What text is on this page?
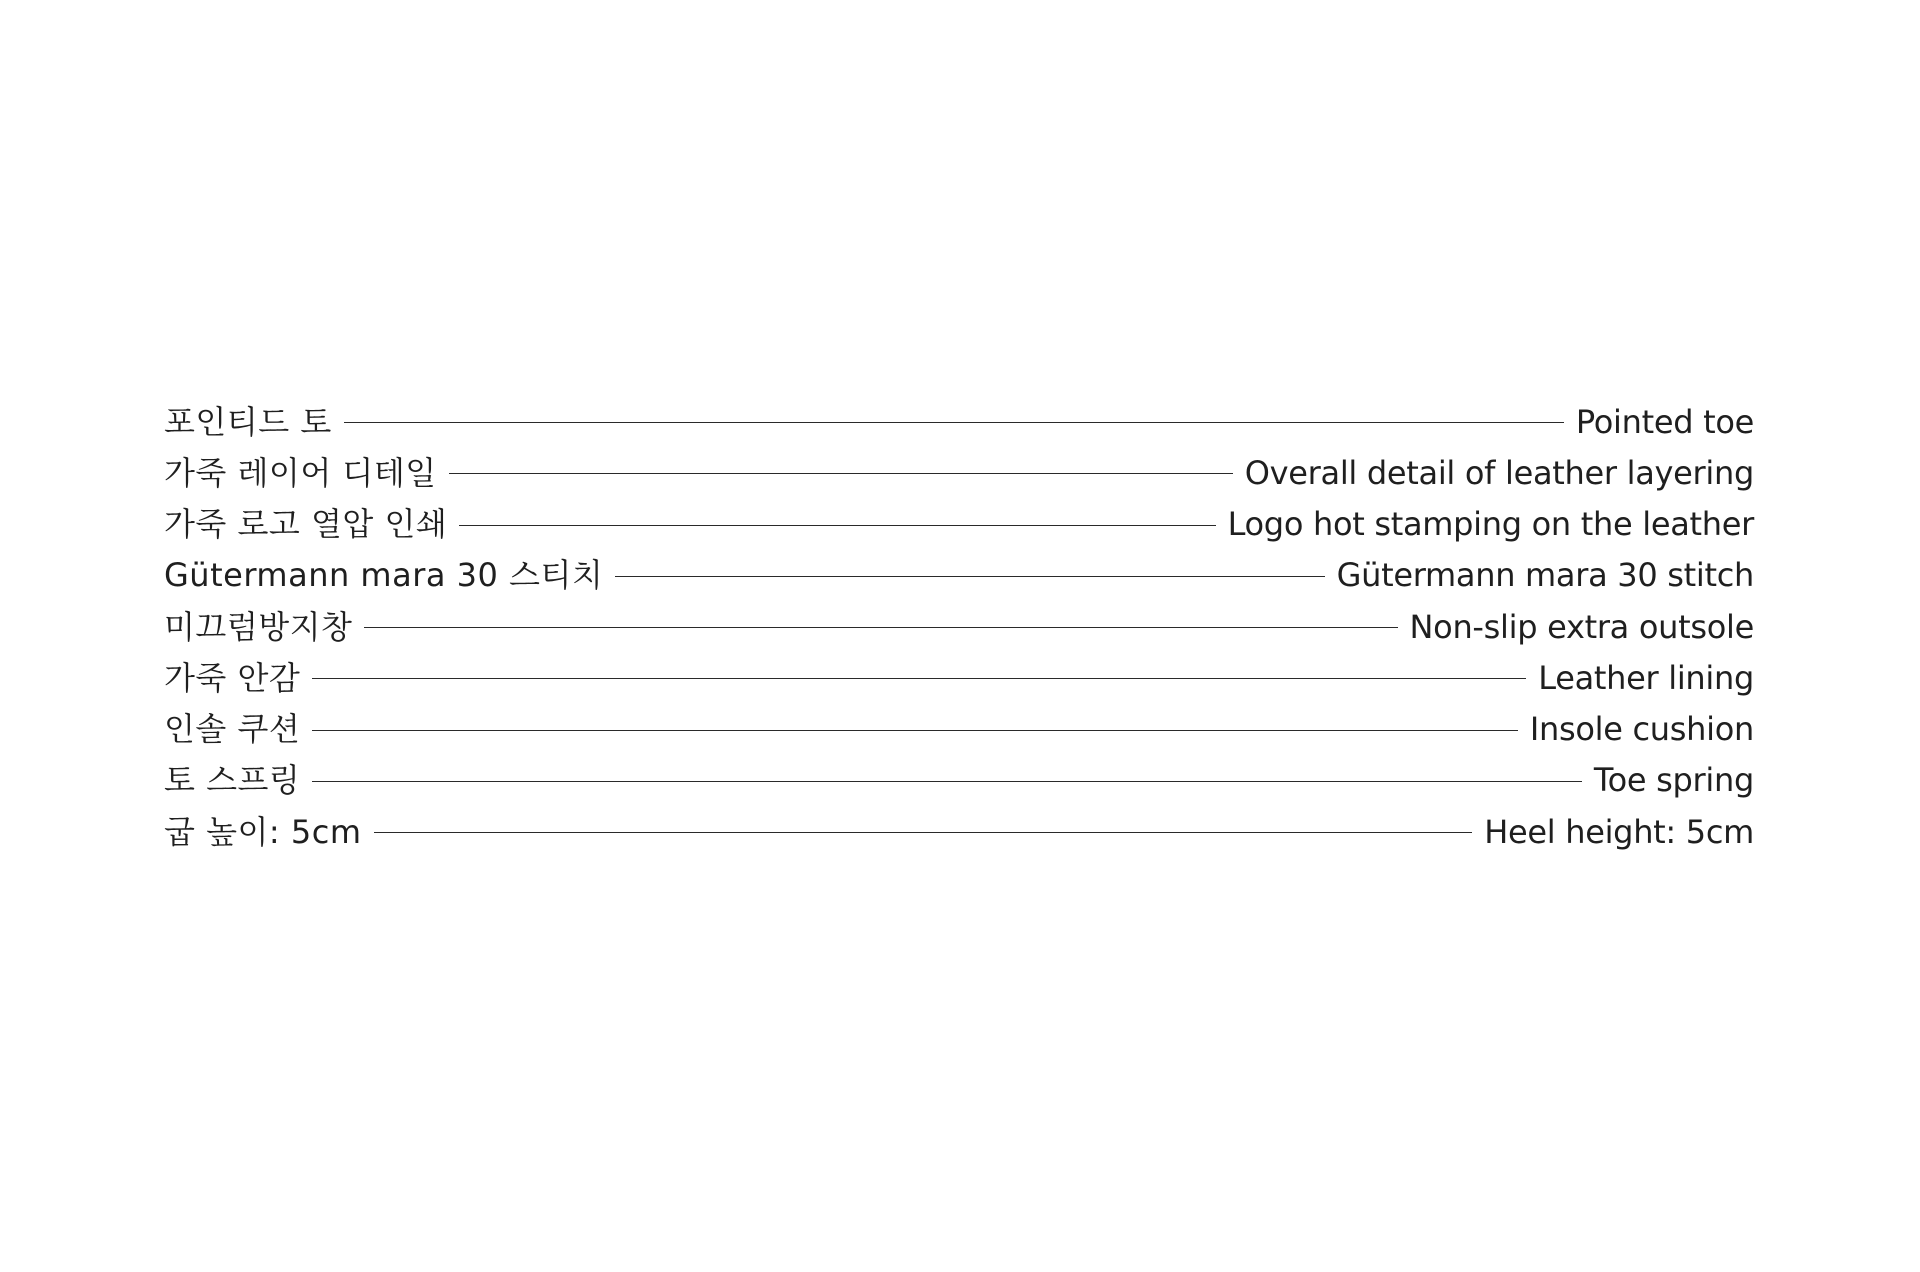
포인티드 토	Pointed toe
가죽 레이어 디테일	Overall detail of leather layering
가죽 로고 열압 인쇄	Logo hot stamping on the leather
Gütermann mara 30 스티치	Gütermann mara 30 stitch
미끄럼방지창	Non-slip extra outsole
가죽 안감	Leather lining
인솔 쿠션	Insole cushion
토 스프링	Toe spring
굽 높이: 5cm	Heel height: 5cm
